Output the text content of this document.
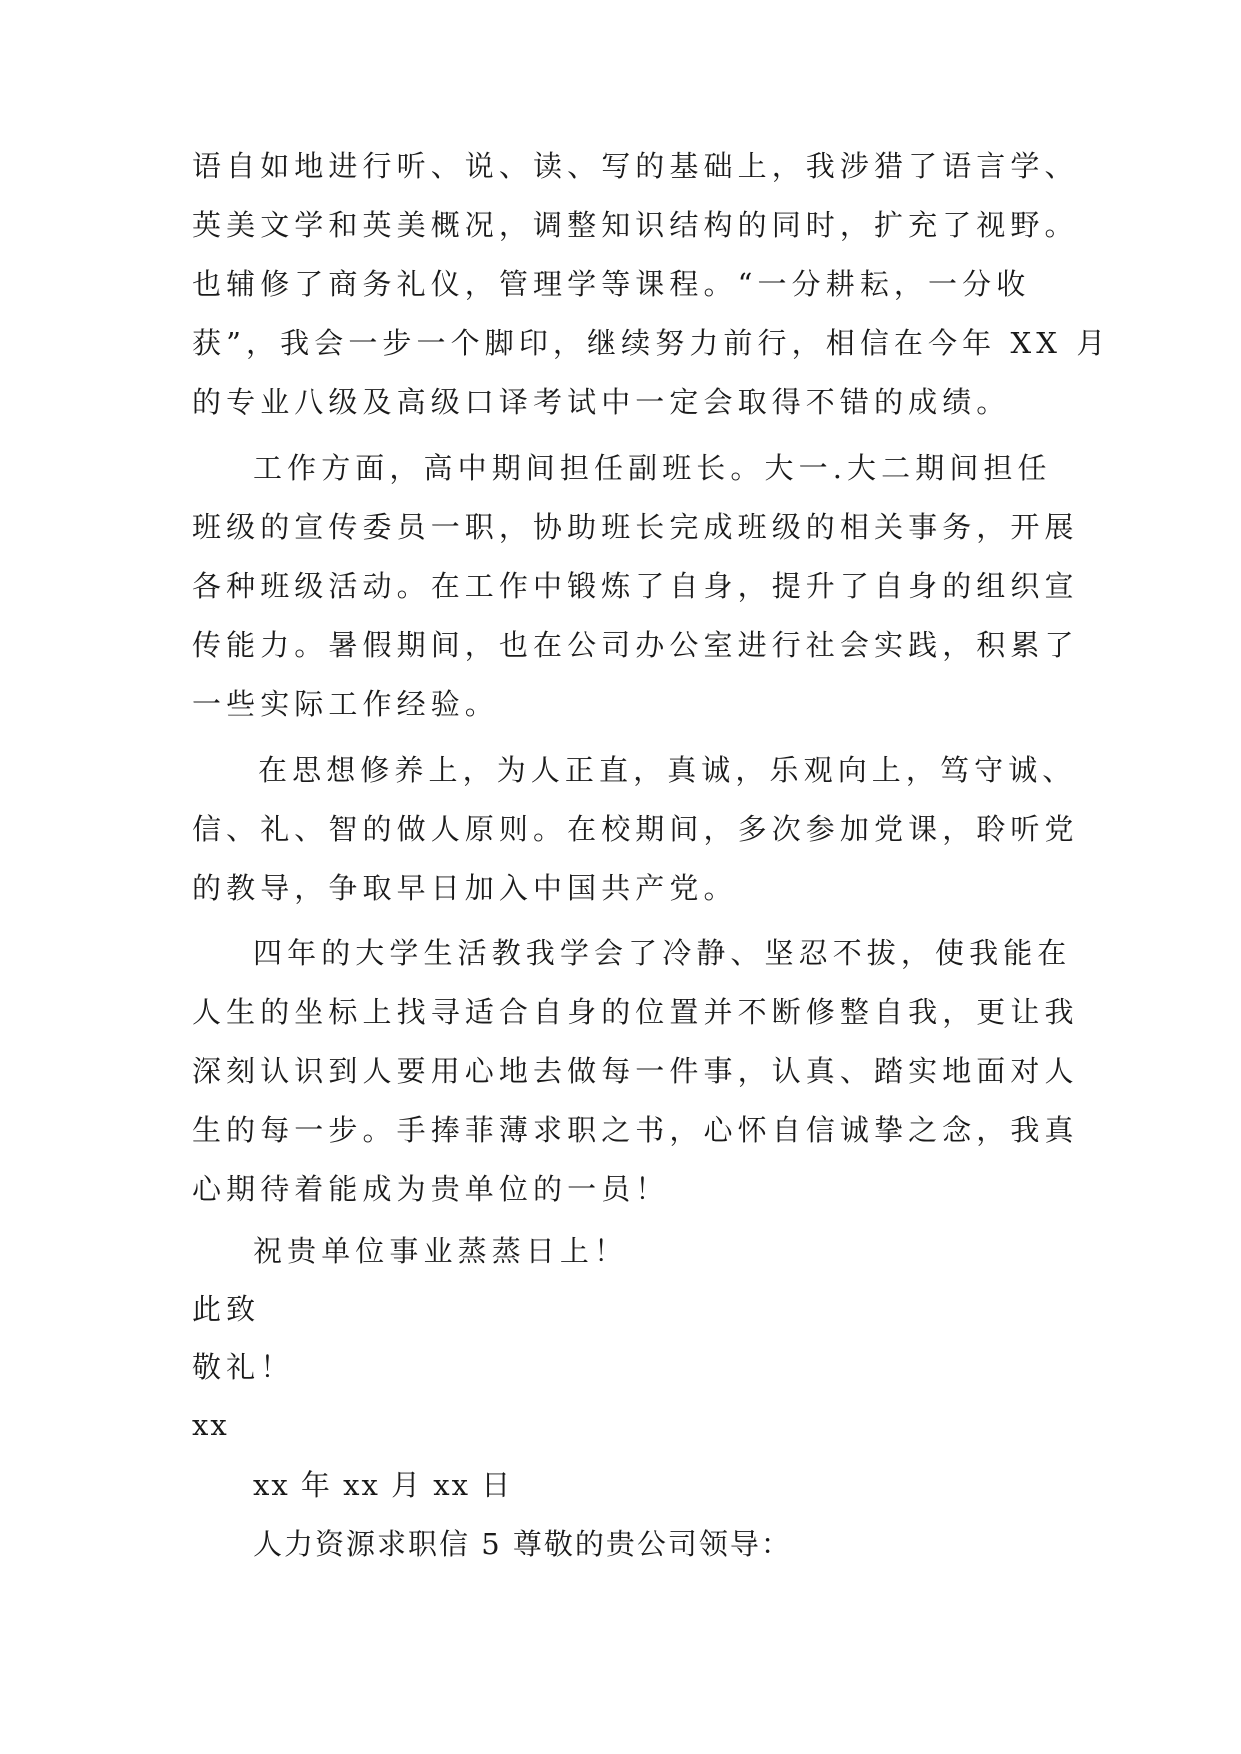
语自如地进行听、说、读、写的基础上，我涉猎了语言学、
英美文学和英美概况，调整知识结构的同时，扩充了视野。
也辅修了商务礼仪，管理学等课程。“一分耕耘，一分收
获”，我会一步一个脚印，继续努力前行，相信在今年 XX 月
的专业八级及高级口译考试中一定会取得不错的成绩。
工作方面，高中期间担任副班长。大一.大二期间担任
班级的宣传委员一职，协助班长完成班级的相关事务，开展
各种班级活动。在工作中锻炼了自身，提升了自身的组织宣
传能力。暑假期间，也在公司办公室进行社会实践，积累了
一些实际工作经验。
在思想修养上，为人正直，真诚，乐观向上，笃守诚、
信、礼、智的做人原则。在校期间，多次参加党课，聆听党
的教导，争取早日加入中国共产党。
四年的大学生活教我学会了冷静、坚忍不拔，使我能在
人生的坐标上找寻适合自身的位置并不断修整自我，更让我
深刻认识到人要用心地去做每一件事，认真、踏实地面对人
生的每一步。手捧菲薄求职之书，心怀自信诚挚之念，我真
心期待着能成为贵单位的一员！
祝贵单位事业蒸蒸日上！
此致
敬礼！
xx
xx 年 xx 月 xx 日
人力资源求职信 5 尊敬的贵公司领导：
